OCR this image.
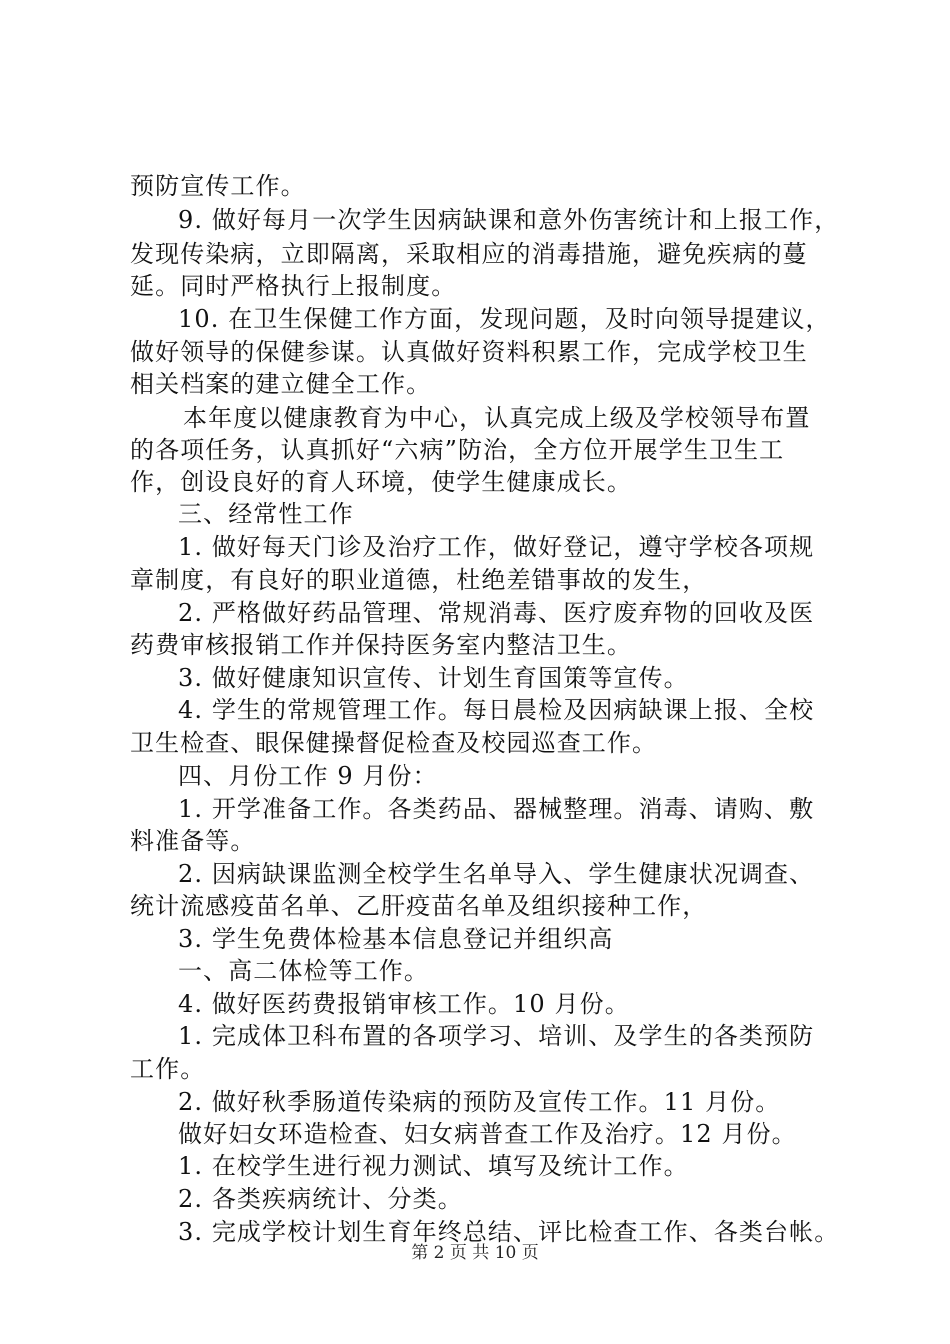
预防宣传工作。
9. 做好每月一次学生因病缺课和意外伤害统计和上报工作，
发现传染病，立即隔离，采取相应的消毒措施，避免疾病的蔓
延。同时严格执行上报制度。
10. 在卫生保健工作方面，发现问题，及时向领导提建议，
做好领导的保健参谋。认真做好资料积累工作，完成学校卫生
相关档案的建立健全工作。
本年度以健康教育为中心，认真完成上级及学校领导布置
的各项任务，认真抓好“六病”防治，全方位开展学生卫生工
作，创设良好的育人环境，使学生健康成长。
三、经常性工作
1. 做好每天门诊及治疗工作，做好登记，遵守学校各项规
章制度，有良好的职业道德，杜绝差错事故的发生，
2. 严格做好药品管理、常规消毒、医疗废弃物的回收及医
药费审核报销工作并保持医务室内整洁卫生。
3. 做好健康知识宣传、计划生育国策等宣传。
4. 学生的常规管理工作。每日晨检及因病缺课上报、全校
卫生检查、眼保健操督促检查及校园巡查工作。
四、月份工作 9 月份：
1. 开学准备工作。各类药品、器械整理。消毒、请购、敷
料准备等。
2. 因病缺课监测全校学生名单导入、学生健康状况调查、
统计流感疫苗名单、乙肝疫苗名单及组织接种工作，
3. 学生免费体检基本信息登记并组织高
一、高二体检等工作。
4. 做好医药费报销审核工作。10 月份。
1. 完成体卫科布置的各项学习、培训、及学生的各类预防
工作。
2. 做好秋季肠道传染病的预防及宣传工作。11 月份。
做好妇女环造检查、妇女病普查工作及治疗。12 月份。
1. 在校学生进行视力测试、填写及统计工作。
2. 各类疾病统计、分类。
3. 完成学校计划生育年终总结、评比检查工作、各类台帐。
第 2 页 共 10 页
